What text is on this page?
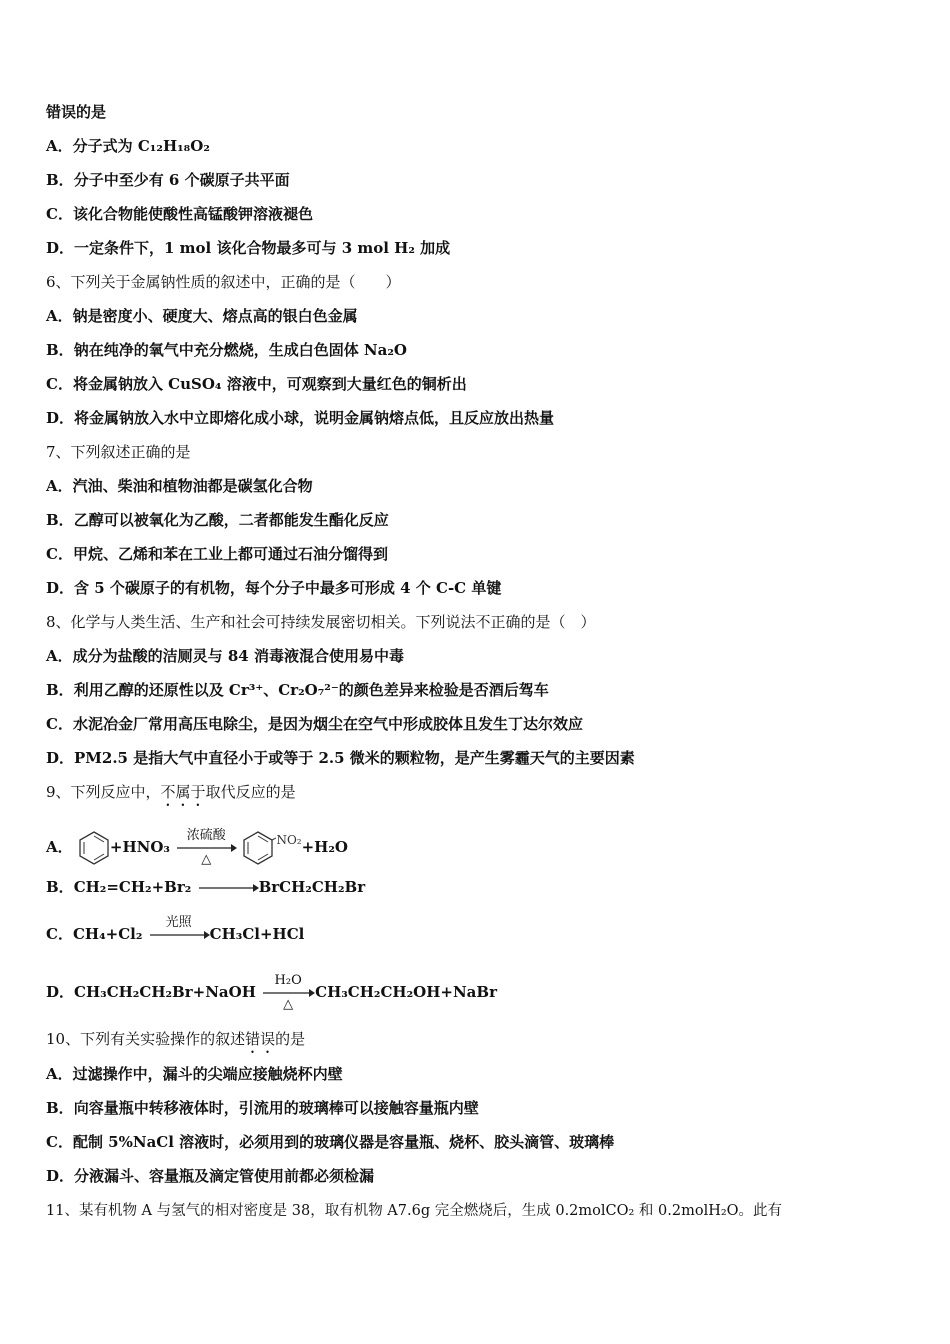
错误的是
A．分子式为 C₁₂H₁₈O₂
B．分子中至少有 6 个碳原子共平面
C．该化合物能使酸性高锰酸钾溶液褪色
D．一定条件下，1 mol 该化合物最多可与 3 mol H₂ 加成
6、下列关于金属钠性质的叙述中，正确的是（　　）
A．钠是密度小、硬度大、熔点高的银白色金属
B．钠在纯净的氧气中充分燃烧，生成白色固体 Na₂O
C．将金属钠放入 CuSO₄ 溶液中，可观察到大量红色的铜析出
D．将金属钠放入水中立即熔化成小球，说明金属钠熔点低，且反应放出热量
7、下列叙述正确的是
A．汽油、柴油和植物油都是碳氢化合物
B．乙醇可以被氧化为乙酸，二者都能发生酯化反应
C．甲烷、乙烯和苯在工业上都可通过石油分馏得到
D．含 5 个碳原子的有机物，每个分子中最多可形成 4 个 C-C 单键
8、化学与人类生活、生产和社会可持续发展密切相关。下列说法不正确的是（　）
A．成分为盐酸的洁厕灵与 84 消毒液混合使用易中毒
B．利用乙醇的还原性以及 Cr³⁺、Cr₂O₇²⁻的颜色差异来检验是否酒后驾车
C．水泥冶金厂常用高压电除尘，是因为烟尘在空气中形成胶体且发生丁达尔效应
D．PM2.5 是指大气中直径小于或等于 2.5 微米的颗粒物，是产生雾霾天气的主要因素
9、下列反应中，不属于取代反应的是
A． +HNO₃
浓硫酸
△
$^{NO_2}$+H₂O
B．CH₂=CH₂+Br₂	BrCH₂CH₂Br
C．CH₄+Cl₂
光照
CH₃Cl+HCl
D．CH₃CH₂CH₂Br+NaOH
H₂O
△
CH₃CH₂CH₂OH+NaBr
10、下列有关实验操作的叙述错误的是
A．过滤操作中，漏斗的尖端应接触烧杯内壁
B．向容量瓶中转移液体时，引流用的玻璃棒可以接触容量瓶内壁
C．配制 5%NaCl 溶液时，必须用到的玻璃仪器是容量瓶、烧杯、胶头滴管、玻璃棒
D．分液漏斗、容量瓶及滴定管使用前都必须检漏
11、某有机物 A 与氢气的相对密度是 38，取有机物 A7.6g 完全燃烧后，生成 0.2molCO₂ 和 0.2molH₂O。此有
